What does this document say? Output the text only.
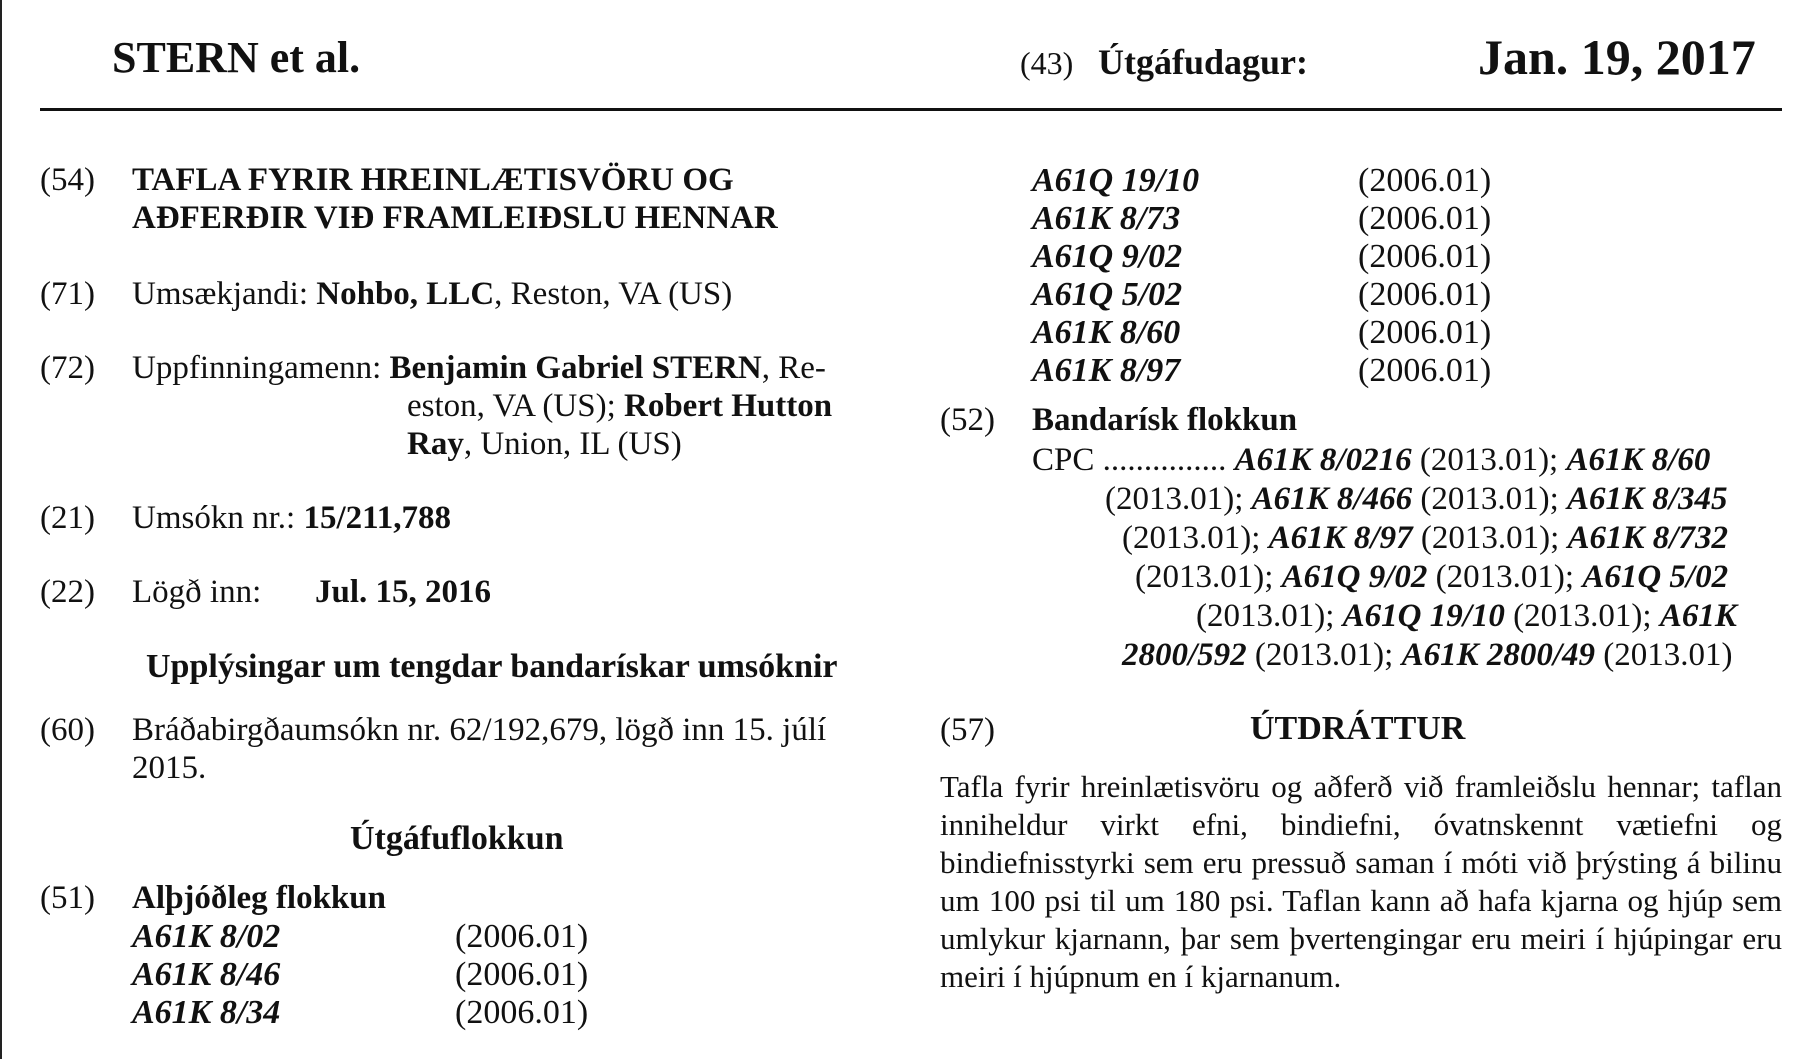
STERN et al.	(43) Útgáfudagur:	Jan. 19, 2017
(54) TAFLA FYRIR HREINLÆTISVÖRU OG
AÐFERÐIR VIÐ FRAMLEIÐSLU HENNAR
(71) Umsækjandi: Nohbo, LLC, Reston, VA (US)
(72) Uppfinningamenn: Benjamin Gabriel STERN, Re-
eston, VA (US); Robert Hutton
Ray, Union, IL (US)
(21) Umsókn nr.: 15/211,788
(22) Lögð inn: Jul. 15, 2016
Upplýsingar um tengdar bandarískar umsóknir
(60) Bráðabirgðaumsókn nr. 62/192,679, lögð inn 15. júlí
2015.
Útgáfuflokkun
(51) Alþjóðleg flokkun
A61K 8/02	(2006.01)
A61K 8/46	(2006.01)
A61K 8/34	(2006.01)
A61Q 19/10	(2006.01)
A61K 8/73	(2006.01)
A61Q 9/02	(2006.01)
A61Q 5/02	(2006.01)
A61K 8/60	(2006.01)
A61K 8/97	(2006.01)
(52) Bandarísk flokkun
CPC ............... A61K 8/0216 (2013.01); A61K 8/60
(2013.01); A61K 8/466 (2013.01); A61K 8/345
(2013.01); A61K 8/97 (2013.01); A61K 8/732
(2013.01); A61Q 9/02 (2013.01); A61Q 5/02
(2013.01); A61Q 19/10 (2013.01); A61K
2800/592 (2013.01); A61K 2800/49 (2013.01)
(57)	ÚTDRÁTTUR
Tafla fyrir hreinlætisvöru og aðferð við framleiðslu hennar; taflan inniheldur virkt efni, bindiefni, óvatnskennt vætiefni og bindiefnisstyrki sem eru pressuð saman í móti við þrýsting á bilinu um 100 psi til um 180 psi. Taflan kann að hafa kjarna og hjúp sem umlykur kjarnann, þar sem þvertengingar eru meiri í hjúpingar eru meiri í hjúpnum en í kjarnanum.
